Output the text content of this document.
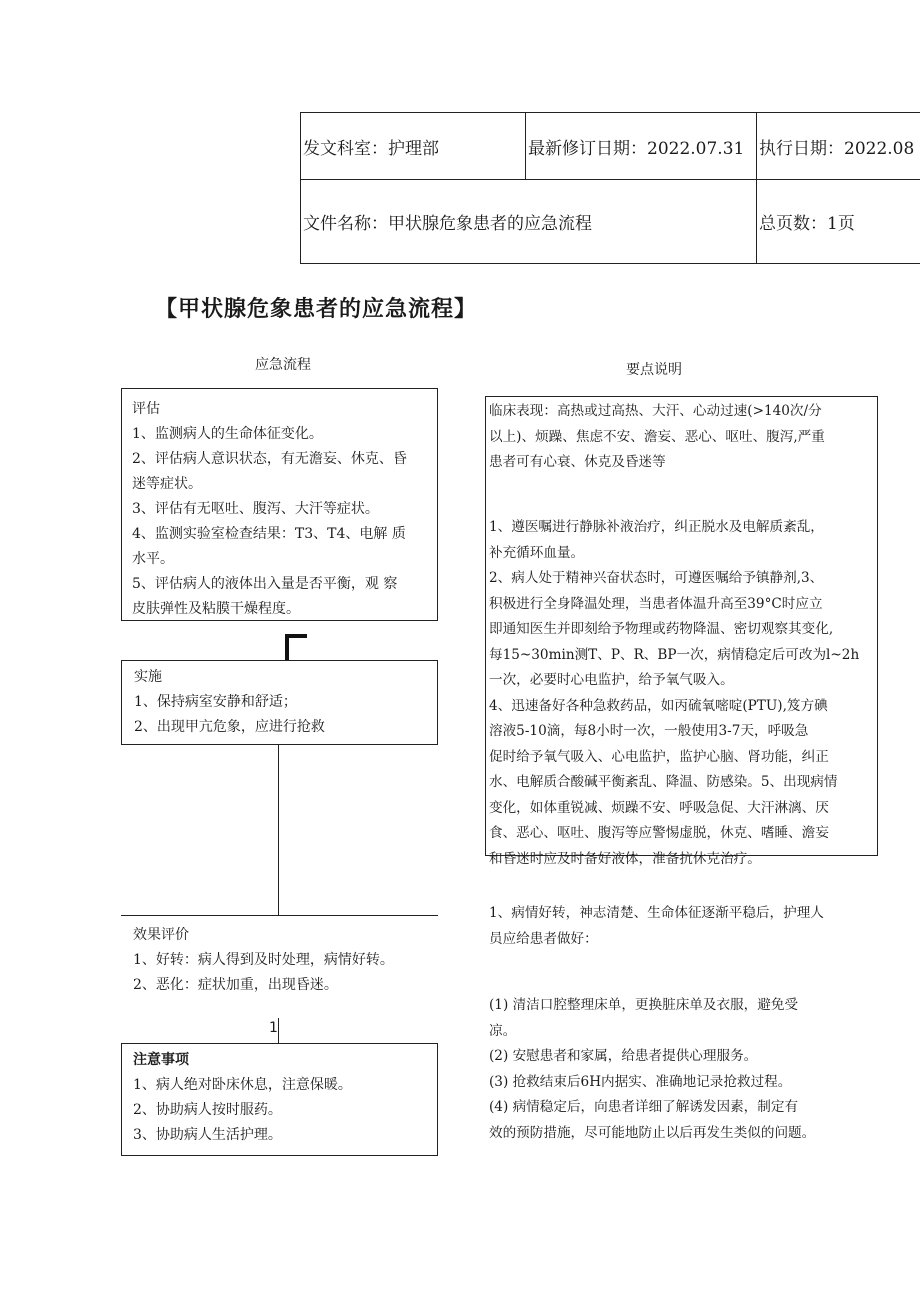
发文科室：护理部	最新修订日期：2022.07.31	执行日期：2022.08
文件名称：甲状腺危象患者的应急流程		总页数：1页
【甲状腺危象患者的应急流程】
应急流程	要点说明
评估
1、监测病人的生命体征变化。
2、评估病人意识状态，有无澹妄、休克、昏
迷等症状。
3、评估有无呕吐、腹泻、大汗等症状。
4、监测实验室检查结果：T3、T4、电解 质
水平。
5、评估病人的液体出入量是否平衡，观 察
皮肤弹性及粘膜干燥程度。
实施
1、保持病室安静和舒适；
2、出现甲亢危象，应进行抢救
效果评价
1、好转：病人得到及时处理，病情好转。
2、恶化：症状加重，出现昏迷。
1
注意事项
1、病人绝对卧床休息，注意保暖。
2、协助病人按时服药。
3、协助病人生活护理。
临床表现：高热或过高热、大汗、心动过速(>140次/分
以上)、烦躁、焦虑不安、澹妄、恶心、呕吐、腹泻,严重
患者可有心衰、休克及昏迷等
1、遵医嘱进行静脉补液治疗，纠正脱水及电解质紊乱，
补充循环血量。
2、病人处于精神兴奋状态时，可遵医嘱给予镇静剂,3、
积极进行全身降温处理，当患者体温升高至39°C时应立
即通知医生并即刻给予物理或药物降温、密切观察其变化,
每15~30min测T、P、R、BP一次，病情稳定后可改为l~2h
一次，必要时心电监护，给予氧气吸入。
4、迅速备好各种急救药品，如丙硫氧嘧啶(PTU),笈方碘
溶液5-10滴，每8小时一次，一般使用3-7天，呼吸急
促时给予氧气吸入、心电监护，监护心脑、肾功能，纠正
水、电解质合酸碱平衡紊乱、降温、防感染。5、出现病情
变化，如体重锐减、烦躁不安、呼吸急促、大汗淋漓、厌
食、恶心、呕吐、腹泻等应警惕虚脱，休克、嗜睡、澹妄
和昏迷时应及时备好液体，准备抗休克治疗。
1、病情好转，神志清楚、生命体征逐渐平稳后，护理人
员应给患者做好：
(1) 清洁口腔整理床单，更换脏床单及衣服，避免受
凉。
(2) 安慰患者和家属，给患者提供心理服务。
(3) 抢救结束后6H内据实、准确地记录抢救过程。
(4) 病情稳定后，向患者详细了解诱发因素，制定有
效的预防措施，尽可能地防止以后再发生类似的问题。
